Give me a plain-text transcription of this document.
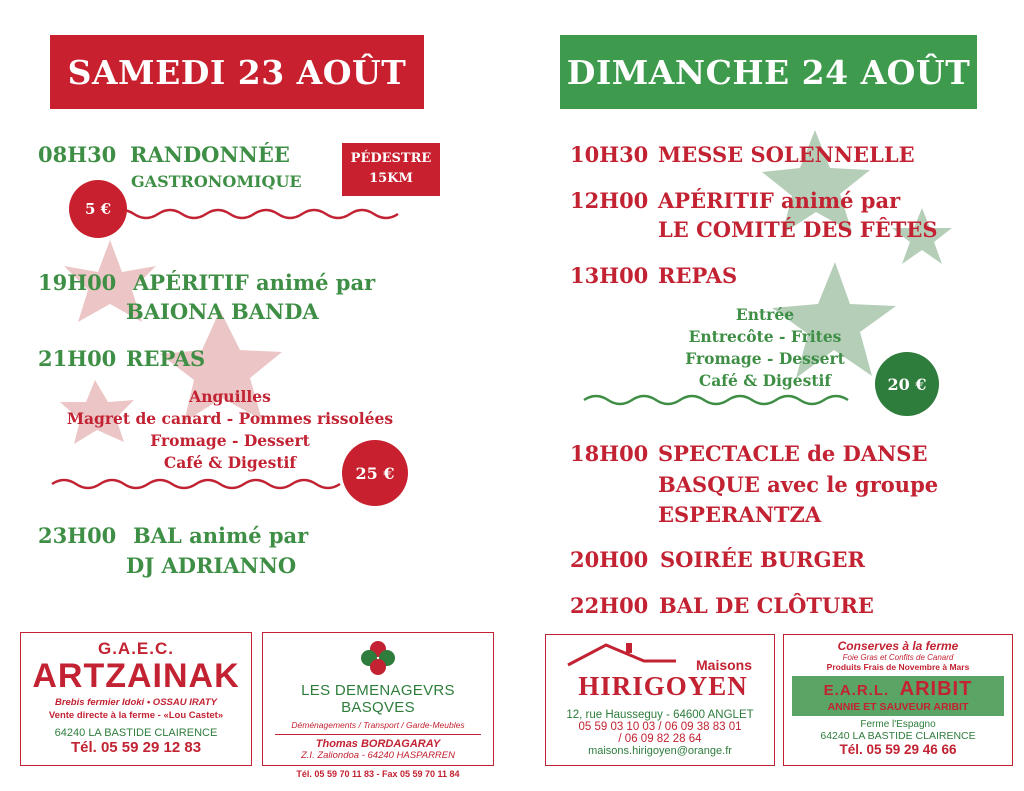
SAMEDI 23 AOÛT	DIMANCHE 24 AOÛT
08H30 RANDONNÉE
GASTRONOMIQUE
PÉDESTRE
15KM
5 €
19H00 APÉRITIF animé par
BAIONA BANDA
21H00 REPAS
Anguilles
Magret de canard - Pommes rissolées
Fromage - Dessert
Café & Digestif
25 €
23H00 BAL animé par
DJ ADRIANNO
10H30 MESSE SOLENNELLE
12H00 APÉRITIF animé par
LE COMITÉ DES FÊTES
13H00 REPAS
Entrée
Entrecôte - Frites
Fromage - Dessert
Café & Digestif	20 €
18H00 SPECTACLE de DANSE
BASQUE avec le groupe
ESPERANTZA
20H00 SOIRÉE BURGER
22H00 BAL DE CLÔTURE
G.A.E.C.
ARTZAINAK
Brebis fermier Idoki • OSSAU IRATY
Vente directe à la ferme - «Lou Castet»
64240 LA BASTIDE CLAIRENCE
Tél. 05 59 29 12 83
LES DEMENAGEVRS BASQVES
Déménagements / Transport / Garde-Meubles
Thomas BORDAGARAY
Z.I. Zaliondoa - 64240 HASPARREN
Tél. 05 59 70 11 83 - Fax 05 59 70 11 84
Maisons
HIRIGOYEN
12, rue Hausseguy - 64600 ANGLET
05 59 03 10 03 / 06 09 38 83 01
/ 06 09 82 28 64
maisons.hirigoyen@orange.fr
Conserves à la ferme
Foie Gras et Confits de Canard
Produits Frais de Novembre à Mars
E.A.R.L. ARIBIT
ANNIE ET SAUVEUR ARIBIT
Ferme l'Espagno
64240 LA BASTIDE CLAIRENCE
Tél. 05 59 29 46 66
